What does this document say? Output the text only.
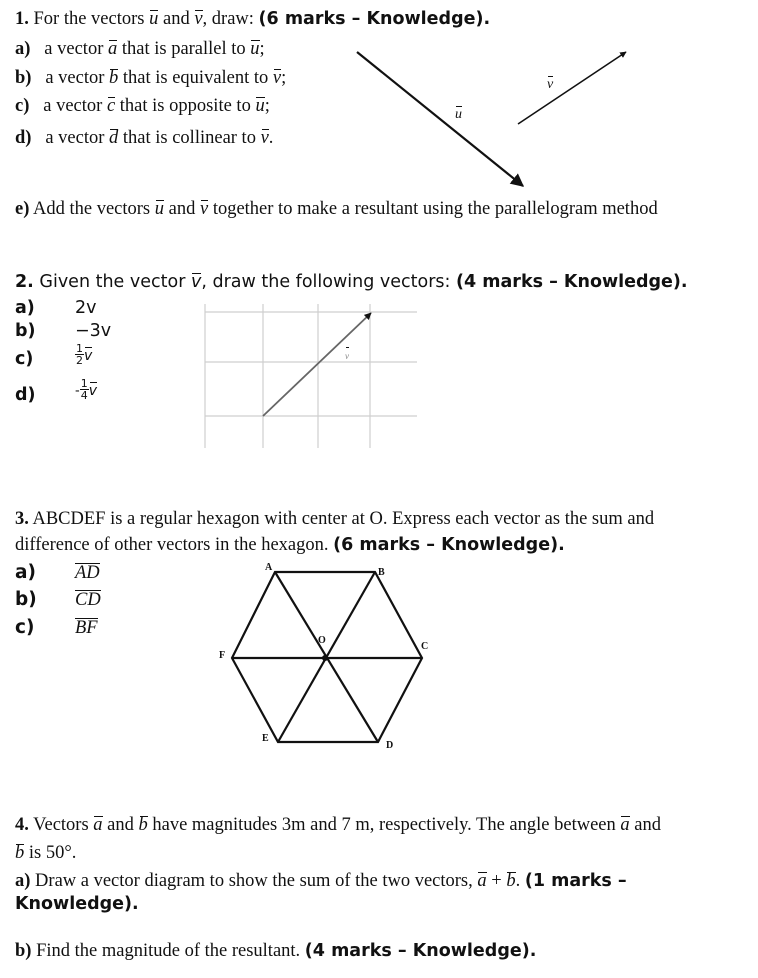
1. For the vectors u and v, draw: (6 marks – Knowledge).
a) a vector a that is parallel to u;
b) a vector b that is equivalent to v;
c) a vector c that is opposite to u;
d) a vector d that is collinear to v.
u
v
e) Add the vectors u and v together to make a resultant using the parallelogram method
2. Given the vector v, draw the following vectors: (4 marks – Knowledge).
a) 2v
b) −3v
c)	$\frac{1}{2}$ v
d)	- $\frac{1}{4}$ v
v
3. ABCDEF is a regular hexagon with center at O. Express each vector as the sum and
difference of other vectors in the hexagon. (6 marks – Knowledge).
a) AD
b) CD
c) BF
A	B
C
D
E
F
O
4. Vectors a and b have magnitudes 3m and 7 m, respectively. The angle between a and
b is 50°.
a) Draw a vector diagram to show the sum of the two vectors, a + b. (1 marks –
Knowledge).
b) Find the magnitude of the resultant. (4 marks – Knowledge).
